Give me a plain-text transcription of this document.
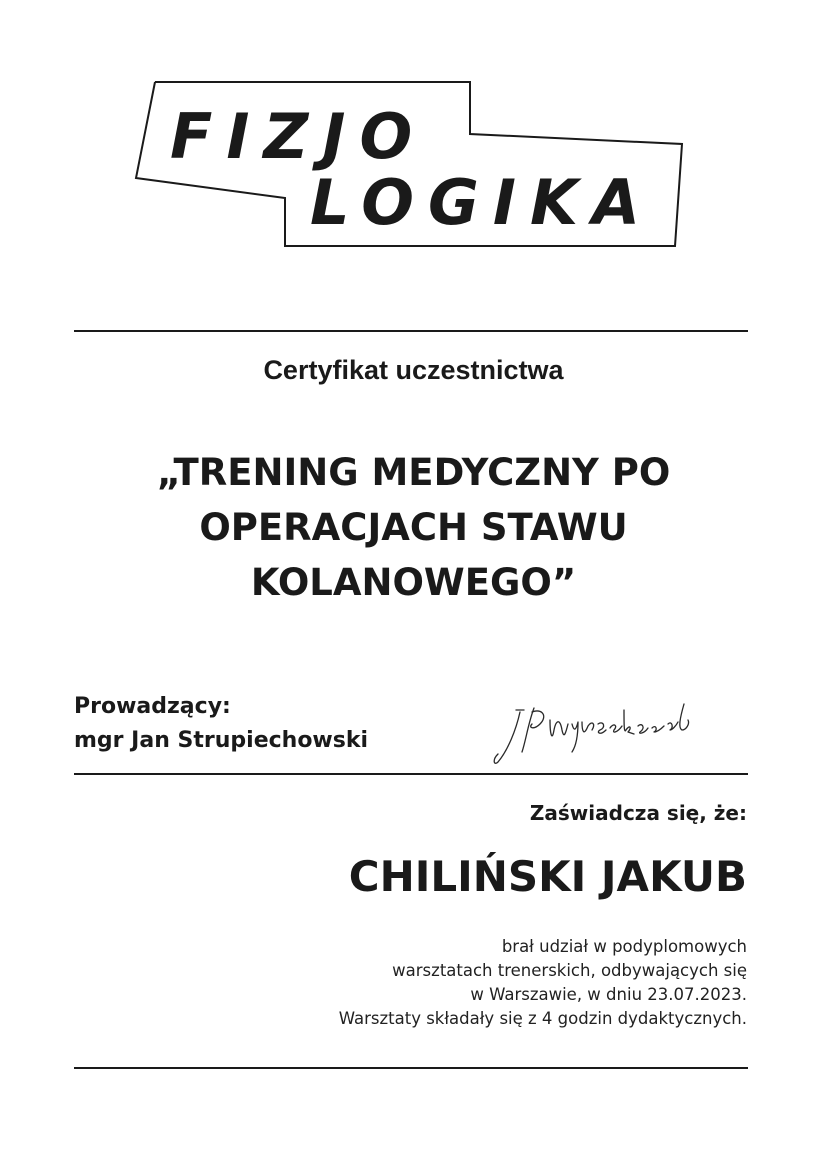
FIZJO
LOGIKA
Certyfikat uczestnictwa
„TRENING MEDYCZNY PO
OPERACJACH STAWU
KOLANOWEGO”
Prowadzący:
mgr Jan Strupiechowski
Zaświadcza się, że:
CHILIŃSKI JAKUB
brał udział w podyplomowych
warsztatach trenerskich, odbywających się
w Warszawie, w dniu 23.07.2023.
Warsztaty składały się z 4 godzin dydaktycznych.
